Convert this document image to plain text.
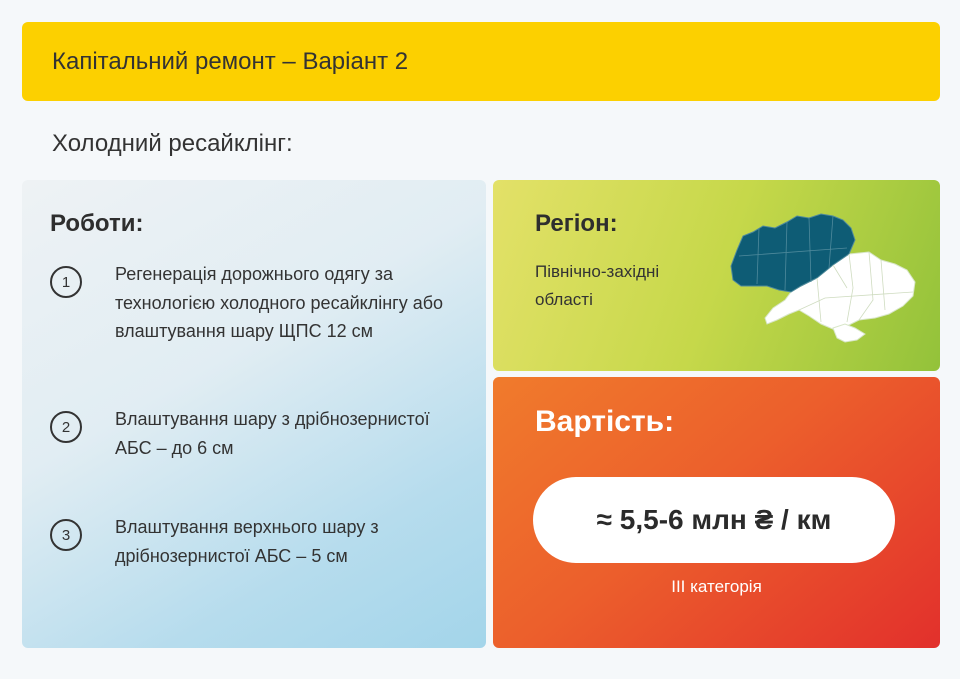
Капітальний ремонт – Варіант 2
Холодний ресайклінг:
Роботи:
1	Регенерація дорожнього одягу за технологією холодного ресайклінгу або влаштування шару ЩПС 12 см
2	Влаштування шару з дрібнозернистої АБС – до 6 см
3	Влаштування верхнього шару з дрібнозернистої АБС – 5 см
Регіон:
Північно-західні області
Вартість:
≈ 5,5-6 млн ₴ / км
ІІІ категорія
